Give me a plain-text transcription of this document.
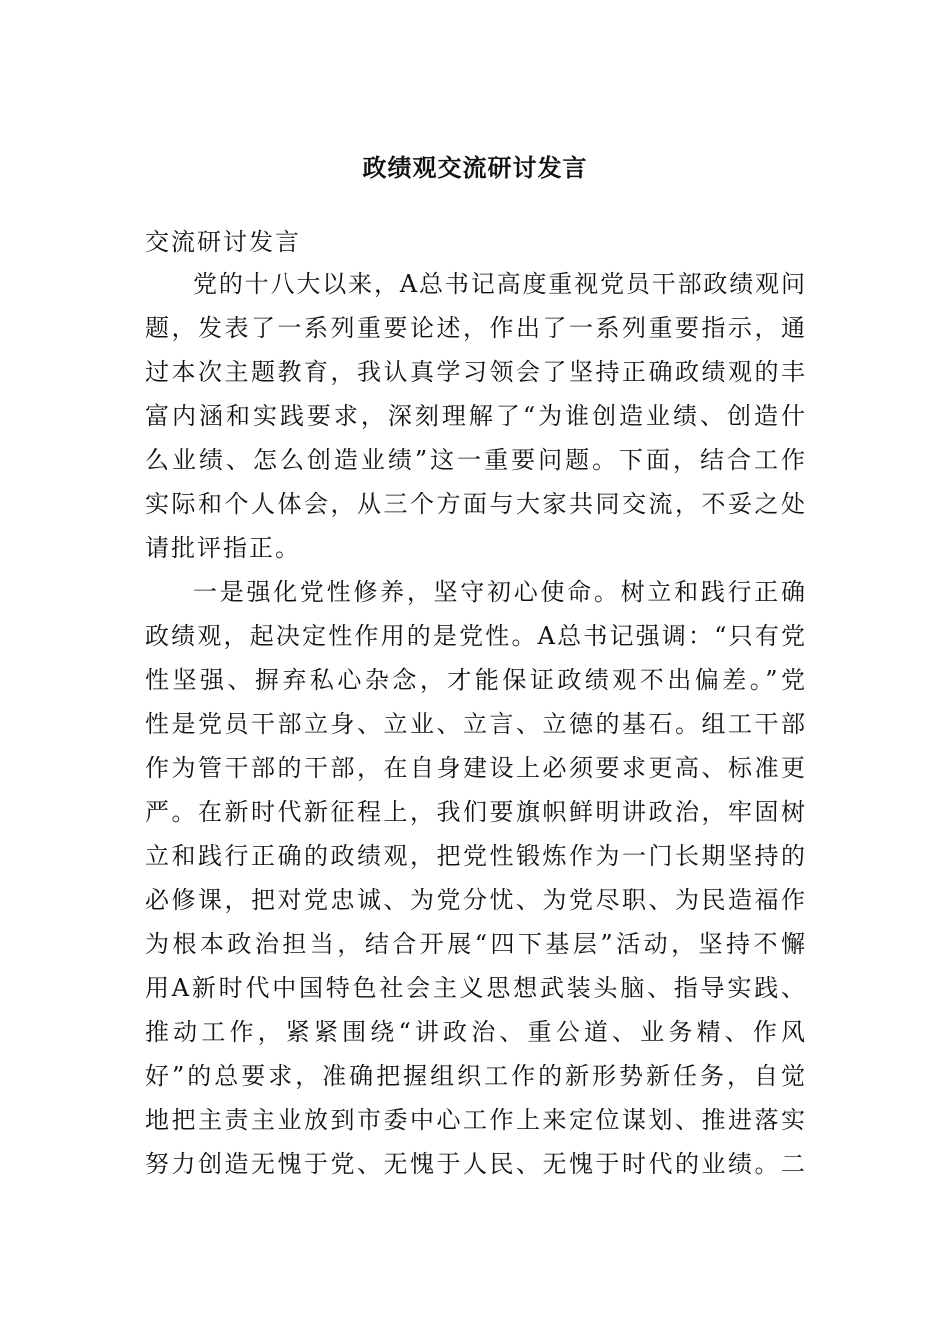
政绩观交流研讨发言

交流研讨发言

党的十八大以来，A总书记高度重视党员干部政绩观问

题，发表了一系列重要论述，作出了一系列重要指示，通

过本次主题教育，我认真学习领会了坚持正确政绩观的丰

富内涵和实践要求，深刻理解了“为谁创造业绩、创造什

么业绩、怎么创造业绩”这一重要问题。下面，结合工作

实际和个人体会，从三个方面与大家共同交流，不妥之处

请批评指正。

一是强化党性修养，坚守初心使命。树立和践行正确

政绩观，起决定性作用的是党性。A总书记强调：“只有党

性坚强、摒弃私心杂念，才能保证政绩观不出偏差。”党

性是党员干部立身、立业、立言、立德的基石。组工干部

作为管干部的干部，在自身建设上必须要求更高、标准更

严。在新时代新征程上，我们要旗帜鲜明讲政治，牢固树

立和践行正确的政绩观，把党性锻炼作为一门长期坚持的

必修课，把对党忠诚、为党分忧、为党尽职、为民造福作

为根本政治担当，结合开展“四下基层”活动，坚持不懈

用A新时代中国特色社会主义思想武装头脑、指导实践、

推动工作，紧紧围绕“讲政治、重公道、业务精、作风

好”的总要求，准确把握组织工作的新形势新任务，自觉

地把主责主业放到市委中心工作上来定位谋划、推进落实

努力创造无愧于党、无愧于人民、无愧于时代的业绩。二
